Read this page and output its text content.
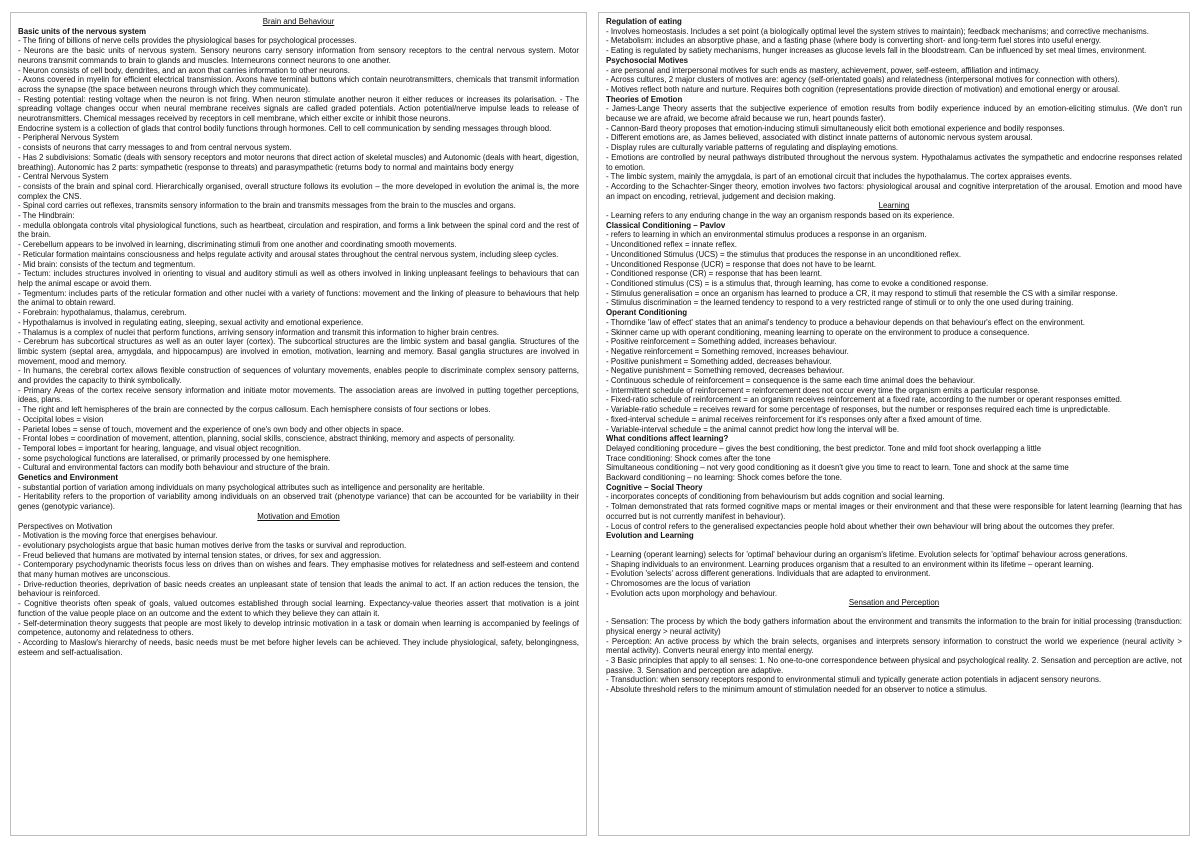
Brain and Behaviour

Basic units of the nervous system

- The firing of billions of nerve cells provides the physiological bases for psychological processes.

- Neurons are the basic units of nervous system. Sensory neurons carry sensory information from sensory receptors to the central nervous system. Motor neurons transmit commands to brain to glands and muscles. Interneurons connect neurons to one another.

- Neuron consists of cell body, dendrites, and an axon that carries information to other neurons.

- Axons covered in myelin for efficient electrical transmission. Axons have terminal buttons which contain neurotransmitters, chemicals that transmit information across the synapse (the space between neurons through which they communicate).

- Resting potential: resting voltage when the neuron is not firing. When neuron stimulate another neuron it either reduces or increases its polarisation. - The spreading voltage changes occur when neural membrane receives signals are called graded potentials. Action potential/nerve impulse leads to release of neurotransmitters. Chemical messages received by receptors in cell membrane, which either excite or inhibit those neurons.

Endocrine system is a collection of glads that control bodily functions through hormones. Cell to cell communication by sending messages through blood.

- Peripheral Nervous System

- consists of neurons that carry messages to and from central nervous system.

- Has 2 subdivisions: Somatic (deals with sensory receptors and motor neurons that direct action of skeletal muscles) and Autonomic (deals with heart, digestion, breathing). Autonomic has 2 parts: sympathetic (response to threats) and parasympathetic (returns body to normal and maintains body energy

- Central Nervous System

- consists of the brain and spinal cord. Hierarchically organised, overall structure follows its evolution – the more developed in evolution the animal is, the more complex the CNS.

- Spinal cord carries out reflexes, transmits sensory information to the brain and transmits messages from the brain to the muscles and organs.

- The Hindbrain:

- medulla oblongata controls vital physiological functions, such as heartbeat, circulation and respiration, and forms a link between the spinal cord and the rest of the brain.

- Cerebellum appears to be involved in learning, discriminating stimuli from one another and coordinating smooth movements.

- Reticular formation maintains consciousness and helps regulate activity and arousal states throughout the central nervous system, including sleep cycles.

- Mid brain: consists of the tectum and tegmentum.

- Tectum: includes structures involved in orienting to visual and auditory stimuli as well as others involved in linking unpleasant feelings to behaviours that can help the animal escape or avoid them.

- Tegmentum: includes parts of the reticular formation and other nuclei with a variety of functions: movement and the linking of pleasure to behaviours that help the animal to obtain reward.

- Forebrain: hypothalamus, thalamus, cerebrum.

- Hypothalamus is involved in regulating eating, sleeping, sexual activity and emotional experience.

- Thalamus is a complex of nuclei that perform functions, arriving sensory information and transmit this information to higher brain centres.

- Cerebrum has subcortical structures as well as an outer layer (cortex). The subcortical structures are the limbic system and basal ganglia. Structures of the limbic system (septal area, amygdala, and hippocampus) are involved in emotion, motivation, learning and memory. Basal ganglia structures are involved in movement, mood and memory.

- In humans, the cerebral cortex allows flexible construction of sequences of voluntary movements, enables people to discriminate complex sensory patterns, and provides the capacity to think symbolically.

- Primary Areas of the cortex receive sensory information and initiate motor movements. The association areas are involved in putting together perceptions, ideas, plans.

- The right and left hemispheres of the brain are connected by the corpus callosum. Each hemisphere consists of four sections or lobes.

- Occipital lobes = vision

- Parietal lobes = sense of touch, movement and the experience of one's own body and other objects in space.

- Frontal lobes = coordination of movement, attention, planning, social skills, conscience, abstract thinking, memory and aspects of personality.

- Temporal lobes = important for hearing, language, and visual object recognition.

- some psychological functions are lateralised, or primarily processed by one hemisphere.

- Cultural and environmental factors can modify both behaviour and structure of the brain.

Genetics and Environment

- substantial portion of variation among individuals on many psychological attributes such as intelligence and personality are heritable.

- Heritability refers to the proportion of variability among individuals on an observed trait (phenotype variance) that can be accounted for be variability in their genes (genotypic variance).

Motivation and Emotion

Perspectives on Motivation

- Motivation is the moving force that energises behaviour.

- evolutionary psychologists argue that basic human motives derive from the tasks or survival and reproduction.

- Freud believed that humans are motivated by internal tension states, or drives, for sex and aggression.

- Contemporary psychodynamic theorists focus less on drives than on wishes and fears. They emphasise motives for relatedness and self-esteem and contend that many human motives are unconscious.

- Drive-reduction theories, deprivation of basic needs creates an unpleasant state of tension that leads the animal to act. If an action reduces the tension, the behaviour is reinforced.

- Cognitive theorists often speak of goals, valued outcomes established through social learning. Expectancy-value theories assert that motivation is a joint function of the value people place on an outcome and the extent to which they believe they can attain it.

- Self-determination theory suggests that people are most likely to develop intrinsic motivation in a task or domain when learning is accompanied by feelings of competence, autonomy and relatedness to others.

- According to Maslow's hierarchy of needs, basic needs must be met before higher levels can be achieved. They include physiological, safety, belongingness, esteem and self-actualisation.

Regulation of eating

- Involves homeostasis. Includes a set point (a biologically optimal level the system strives to maintain); feedback mechanisms; and corrective mechanisms.

- Metabolism: includes an absorptive phase, and a fasting phase (where body is converting short- and long-term fuel stores into useful energy.

- Eating is regulated by satiety mechanisms, hunger increases as glucose levels fall in the bloodstream. Can be influenced by set meal times, environment.

Psychosocial Motives

- are personal and interpersonal motives for such ends as mastery, achievement, power, self-esteem, affiliation and intimacy.

- Across cultures, 2 major clusters of motives are: agency (self-orientated goals) and relatedness (interpersonal motives for connection with others).

- Motives reflect both nature and nurture. Requires both cognition (representations provide direction of motivation) and emotional energy or arousal.

Theories of Emotion

- James-Lange Theory asserts that the subjective experience of emotion results from bodily experience induced by an emotion-eliciting stimulus. (We don't run because we are afraid, we become afraid because we run, heart pounds faster).

- Cannon-Bard theory proposes that emotion-inducing stimuli simultaneously elicit both emotional experience and bodily responses.

- Different emotions are, as James believed, associated with distinct innate patterns of autonomic nervous system arousal.

- Display rules are culturally variable patterns of regulating and displaying emotions.

- Emotions are controlled by neural pathways distributed throughout the nervous system. Hypothalamus activates the sympathetic and endocrine responses related to emotion.

- The limbic system, mainly the amygdala, is part of an emotional circuit that includes the hypothalamus. The cortex appraises events.

- According to the Schachter-Singer theory, emotion involves two factors: physiological arousal and cognitive interpretation of the arousal. Emotion and mood have an impact on encoding, retrieval, judgement and decision making.

Learning

- Learning refers to any enduring change in the way an organism responds based on its experience.

Classical Conditioning – Pavlov

- refers to learning in which an environmental stimulus produces a response in an organism.

- Unconditioned reflex = innate reflex.

- Unconditioned Stimulus (UCS) = the stimulus that produces the response in an unconditioned reflex.

- Unconditioned Response (UCR) = response that does not have to be learnt.

- Conditioned response (CR) = response that has been learnt.

- Conditioned stimulus (CS) = is a stimulus that, through learning, has come to evoke a conditioned response.

- Stimulus generalisation = once an organism has learned to produce a CR, it may respond to stimuli that resemble the CS with a similar response.

- Stimulus discrimination = the learned tendency to respond to a very restricted range of stimuli or to only the one used during training.

Operant Conditioning

- Thorndike 'law of effect' states that an animal's tendency to produce a behaviour depends on that behaviour's effect on the environment.

- Skinner came up with operant conditioning, meaning learning to operate on the environment to produce a consequence.

- Positive reinforcement = Something added, increases behaviour.

- Negative reinforcement = Something removed, increases behaviour.

- Positive punishment = Something added, decreases behaviour.

- Negative punishment = Something removed, decreases behaviour.

- Continuous schedule of reinforcement = consequence is the same each time animal does the behaviour.

- Intermittent schedule of reinforcement = reinforcement does not occur every time the organism emits a particular response.

- Fixed-ratio schedule of reinforcement = an organism receives reinforcement at a fixed rate, according to the number or operant responses emitted.

- Variable-ratio schedule = receives reward for some percentage of responses, but the number or responses required each time is unpredictable.

- fixed-interval schedule = animal receives reinforcement for it's responses only after a fixed amount of time.

- Variable-interval schedule = the animal cannot predict how long the interval will be.

What conditions affect learning?

Delayed conditioning procedure – gives the best conditioning, the best predictor. Tone and mild foot shock overlapping a little

Trace conditioning: Shock comes after the tone

Simultaneous conditioning – not very good conditioning as it doesn't give you time to react to learn. Tone and shock at the same time

Backward conditioning – no learning: Shock comes before the tone.

Cognitive – Social Theory

- incorporates concepts of conditioning from behaviourism but adds cognition and social learning.

- Tolman demonstrated that rats formed cognitive maps or mental images or their environment and that these were responsible for latent learning (learning that has occurred but is not currently manifest in behaviour).

- Locus of control refers to the generalised expectancies people hold about whether their own behaviour will bring about the outcomes they prefer.

Evolution and Learning

- Learning (operant learning) selects for 'optimal' behaviour during an organism's lifetime. Evolution selects for 'optimal' behaviour across generations.

- Shaping individuals to an environment. Learning produces organism that a resulted to an environment within its lifetime – operant learning.

- Evolution 'selects' across different generations. Individuals that are adapted to environment.

- Chromosomes are the locus of variation

- Evolution acts upon morphology and behaviour.

Sensation and Perception

- Sensation: The process by which the body gathers information about the environment and transmits the information to the brain for initial processing (transduction: physical energy > neural activity)

- Perception: An active process by which the brain selects, organises and interprets sensory information to construct the world we experience (neural activity > mental activity). Converts neural energy into mental energy.

- 3 Basic principles that apply to all senses: 1. No one-to-one correspondence between physical and psychological reality. 2. Sensation and perception are active, not passive. 3. Sensation and perception are adaptive.

- Transduction: when sensory receptors respond to environmental stimuli and typically generate action potentials in adjacent sensory neurons.

- Absolute threshold refers to the minimum amount of stimulation needed for an observer to notice a stimulus.
